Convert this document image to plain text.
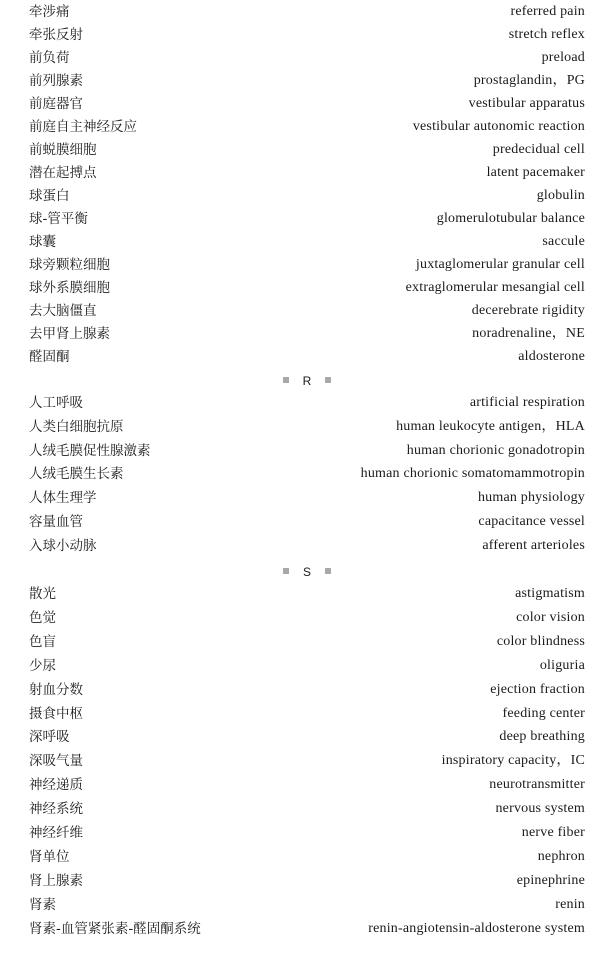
牵涉痛	referred pain
牵张反射	stretch reflex
前负荷	preload
前列腺素	prostaglandin，PG
前庭器官	vestibular apparatus
前庭自主神经反应	vestibular autonomic reaction
前蜕膜细胞	predecidual cell
潜在起搏点	latent pacemaker
球蛋白	globulin
球-管平衡	glomerulotubular balance
球囊	saccule
球旁颗粒细胞	juxtaglomerular granular cell
球外系膜细胞	extraglomerular mesangial cell
去大脑僵直	decerebrate rigidity
去甲肾上腺素	noradrenaline，NE
醛固酮	aldosterone
R
人工呼吸	artificial respiration
人类白细胞抗原	human leukocyte antigen，HLA
人绒毛膜促性腺激素	human chorionic gonadotropin
人绒毛膜生长素	human chorionic somatomammotropin
人体生理学	human physiology
容量血管	capacitance vessel
入球小动脉	afferent arterioles
S
散光	astigmatism
色觉	color vision
色盲	color blindness
少尿	oliguria
射血分数	ejection fraction
摄食中枢	feeding center
深呼吸	deep breathing
深吸气量	inspiratory capacity，IC
神经递质	neurotransmitter
神经系统	nervous system
神经纤维	nerve fiber
肾单位	nephron
肾上腺素	epinephrine
肾素	renin
肾素-血管紧张素-醛固酮系统	renin-angiotensin-aldosterone system
